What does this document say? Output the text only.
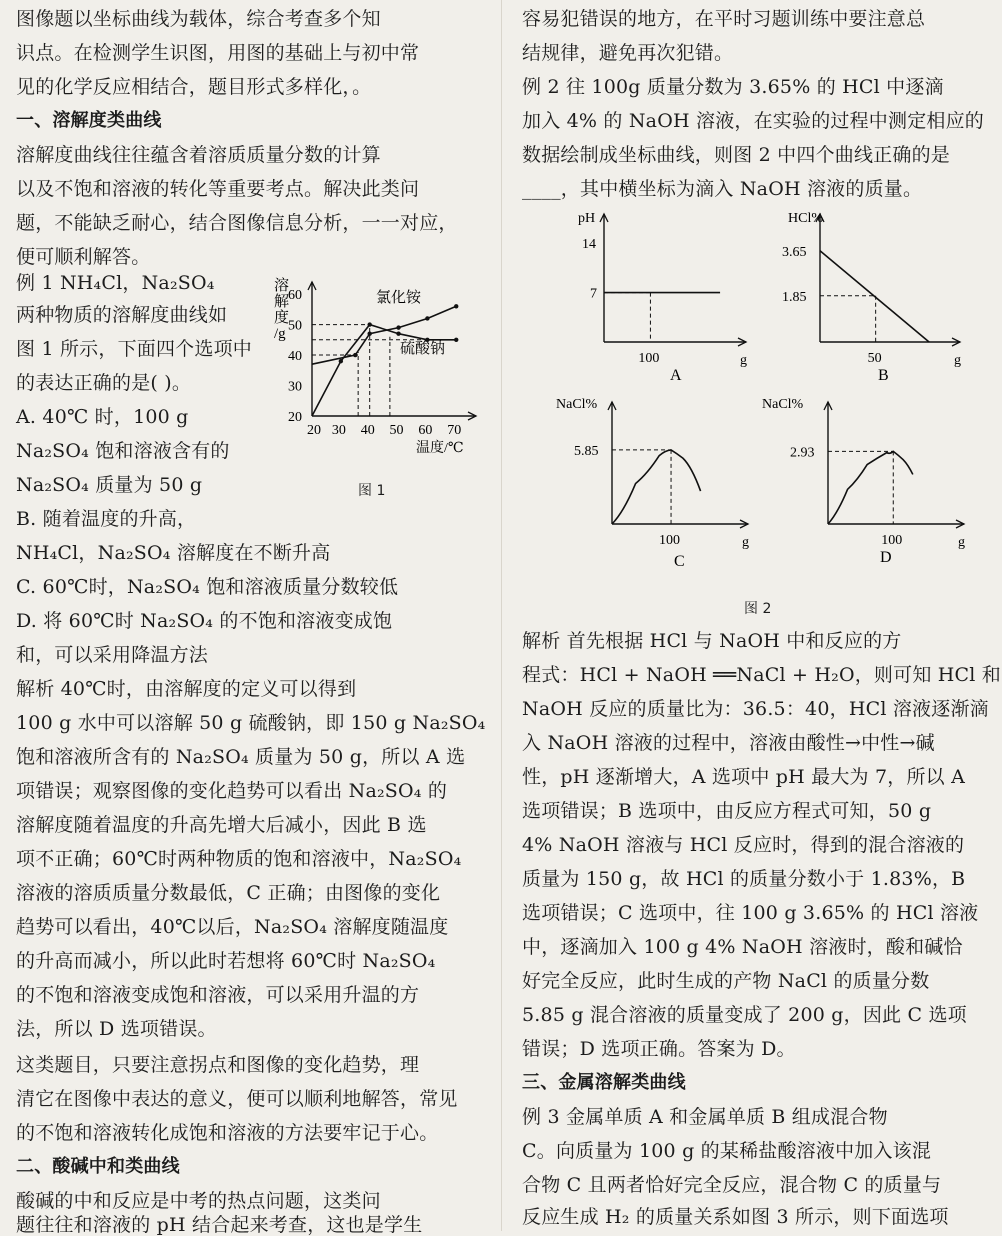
图像题以坐标曲线为载体，综合考查多个知
识点。在检测学生识图，用图的基础上与初中常
见的化学反应相结合，题目形式多样化，。
一、溶解度类曲线
溶解度曲线往往蕴含着溶质质量分数的计算
以及不饱和溶液的转化等重要考点。解决此类问
题，不能缺乏耐心，结合图像信息分析，一一对应，
便可顺利解答。
例 1 NH₄Cl，Na₂SO₄
两种物质的溶解度曲线如
图 1 所示，下面四个选项中
的表达正确的是( )。
A. 40℃ 时，100 g
Na₂SO₄ 饱和溶液含有的
Na₂SO₄ 质量为 50 g
B. 随着温度的升高，
NH₄Cl，Na₂SO₄ 溶解度在不断升高
C. 60℃时，Na₂SO₄ 饱和溶液质量分数较低
D. 将 60℃时 Na₂SO₄ 的不饱和溶液变成饱
和，可以采用降温方法
解析 40℃时，由溶解度的定义可以得到
100 g 水中可以溶解 50 g 硫酸钠，即 150 g Na₂SO₄
饱和溶液所含有的 Na₂SO₄ 质量为 50 g，所以 A 选
项错误；观察图像的变化趋势可以看出 Na₂SO₄ 的
溶解度随着温度的升高先增大后减小，因此 B 选
项不正确；60℃时两种物质的饱和溶液中，Na₂SO₄
溶液的溶质质量分数最低，C 正确；由图像的变化
趋势可以看出，40℃以后，Na₂SO₄ 溶解度随温度
的升高而减小，所以此时若想将 60℃时 Na₂SO₄
的不饱和溶液变成饱和溶液，可以采用升温的方
法，所以 D 选项错误。
这类题目，只要注意拐点和图像的变化趋势，理
清它在图像中表达的意义，便可以顺利地解答，常见
的不饱和溶液转化成饱和溶液的方法要牢记于心。
二、酸碱中和类曲线
酸碱的中和反应是中考的热点问题，这类问
题往往和溶液的 pH 结合起来考查，这也是学生
容易犯错误的地方，在平时习题训练中要注意总
结规律，避免再次犯错。
例 2 往 100g 质量分数为 3.65% 的 HCl 中逐滴
加入 4% 的 NaOH 溶液，在实验的过程中测定相应的
数据绘制成坐标曲线，则图 2 中四个曲线正确的是
____，其中横坐标为滴入 NaOH 溶液的质量。
解析 首先根据 HCl 与 NaOH 中和反应的方
程式：HCl + NaOH ══NaCl + H₂O，则可知 HCl 和
NaOH 反应的质量比为：36.5：40，HCl 溶液逐渐滴
入 NaOH 溶液的过程中，溶液由酸性→中性→碱
性，pH 逐渐增大，A 选项中 pH 最大为 7，所以 A
选项错误；B 选项中，由反应方程式可知，50 g
4% NaOH 溶液与 HCl 反应时，得到的混合溶液的
质量为 150 g，故 HCl 的质量分数小于 1.83%，B
选项错误；C 选项中，往 100 g 3.65% 的 HCl 溶液
中，逐滴加入 100 g 4% NaOH 溶液时，酸和碱恰
好完全反应，此时生成的产物 NaCl 的质量分数
5.85 g 混合溶液的质量变成了 200 g，因此 C 选项
错误；D 选项正确。答案为 D。
三、金属溶解类曲线
例 3 金属单质 A 和金属单质 B 组成混合物
C。向质量为 100 g 的某稀盐酸溶液中加入该混
合物 C 且两者恰好完全反应，混合物 C 的质量与
反应生成 H₂ 的质量关系如图 3 所示，则下面选项
溶
解
度
/g
20
30
40
50
60
20 30 40 50 60 70
温度/℃
氯化铵
硫酸钠
图 1
pH
g
7
14
100
A
HCl%
g
1.85
3.65
50
B
NaCl%
g
5.85
100
C
NaCl%
g
2.93
100
D
图 2
